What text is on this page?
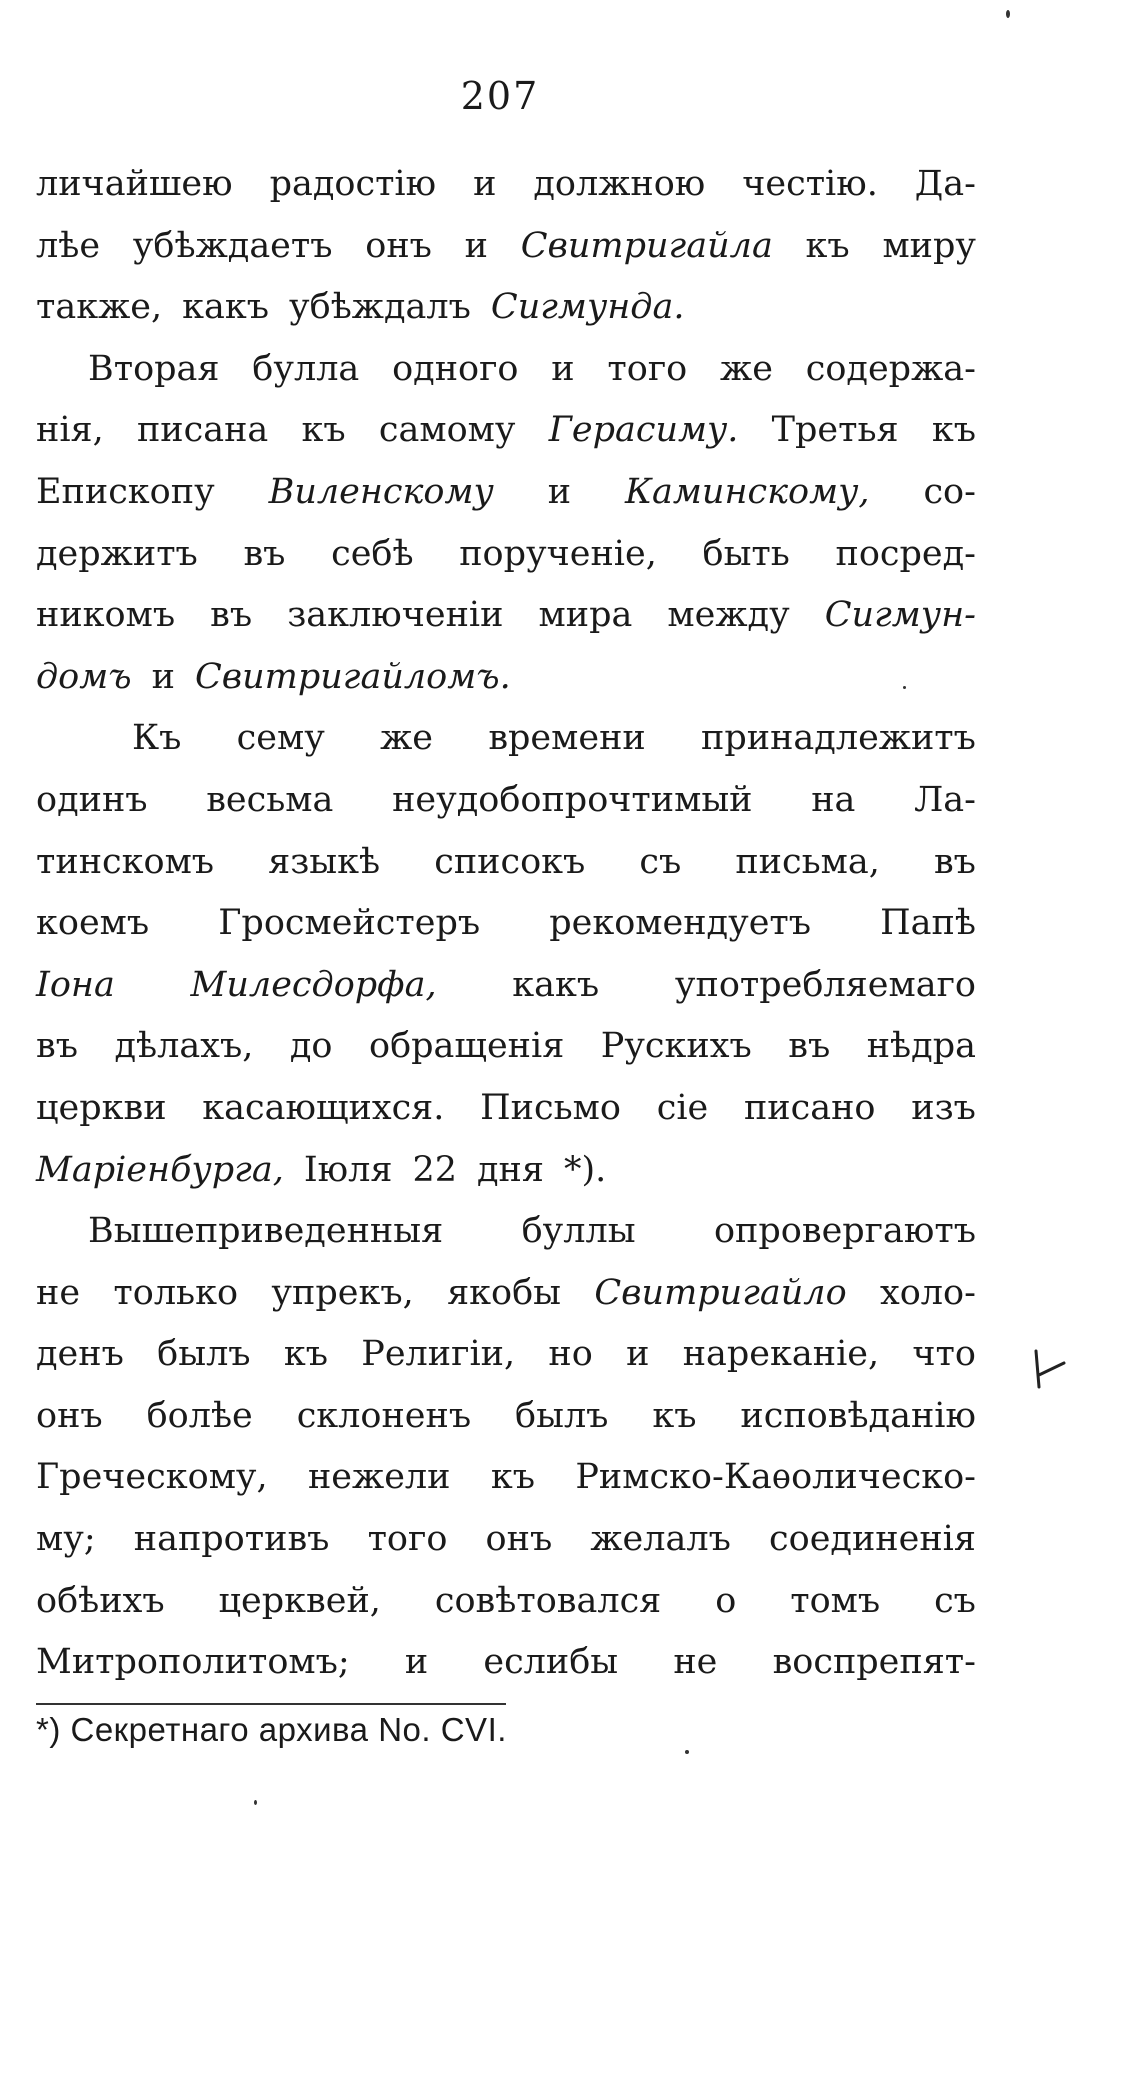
207
личайшею радостію и должною честію. Да-
лѣе убѣждаетъ онъ и Свитригайла къ миру
также, какъ убѣждалъ Сигмунда.
Вторая булла одного и того же содержа-
нія, писана къ самому Герасиму. Третья къ
Епископу Виленскому и Каминскому, со-
держитъ въ себѣ порученіе, быть посред-
никомъ въ заключеніи мира между Сигмун-
домъ и Свитригайломъ.
Къ сему же времени принадлежитъ
одинъ весьма неудобопрочтимый на Ла-
тинскомъ языкѣ списокъ съ письма, въ
коемъ Гросмейстеръ рекомендуетъ Папѣ
Іона Милесдорфа, какъ употребляемаго
въ дѣлахъ, до обращенія Рускихъ въ нѣдра
церкви касающихся. Письмо сіе писано изъ
Маріенбурга, Іюля 22 дня *).
Вышеприведенныя буллы опровергаютъ
не только упрекъ, якобы Свитригайло холо-
денъ былъ къ Религіи, но и нареканіе, что
онъ болѣе склоненъ былъ къ исповѣданію
Греческому, нежели къ Римско-Каѳолическо-
му; напротивъ того онъ желалъ соединенія
обѣихъ церквей, совѣтовался о томъ съ
Митрополитомъ; и еслибы не воспрепят-
*) Секретнаго архива No. CVI.
